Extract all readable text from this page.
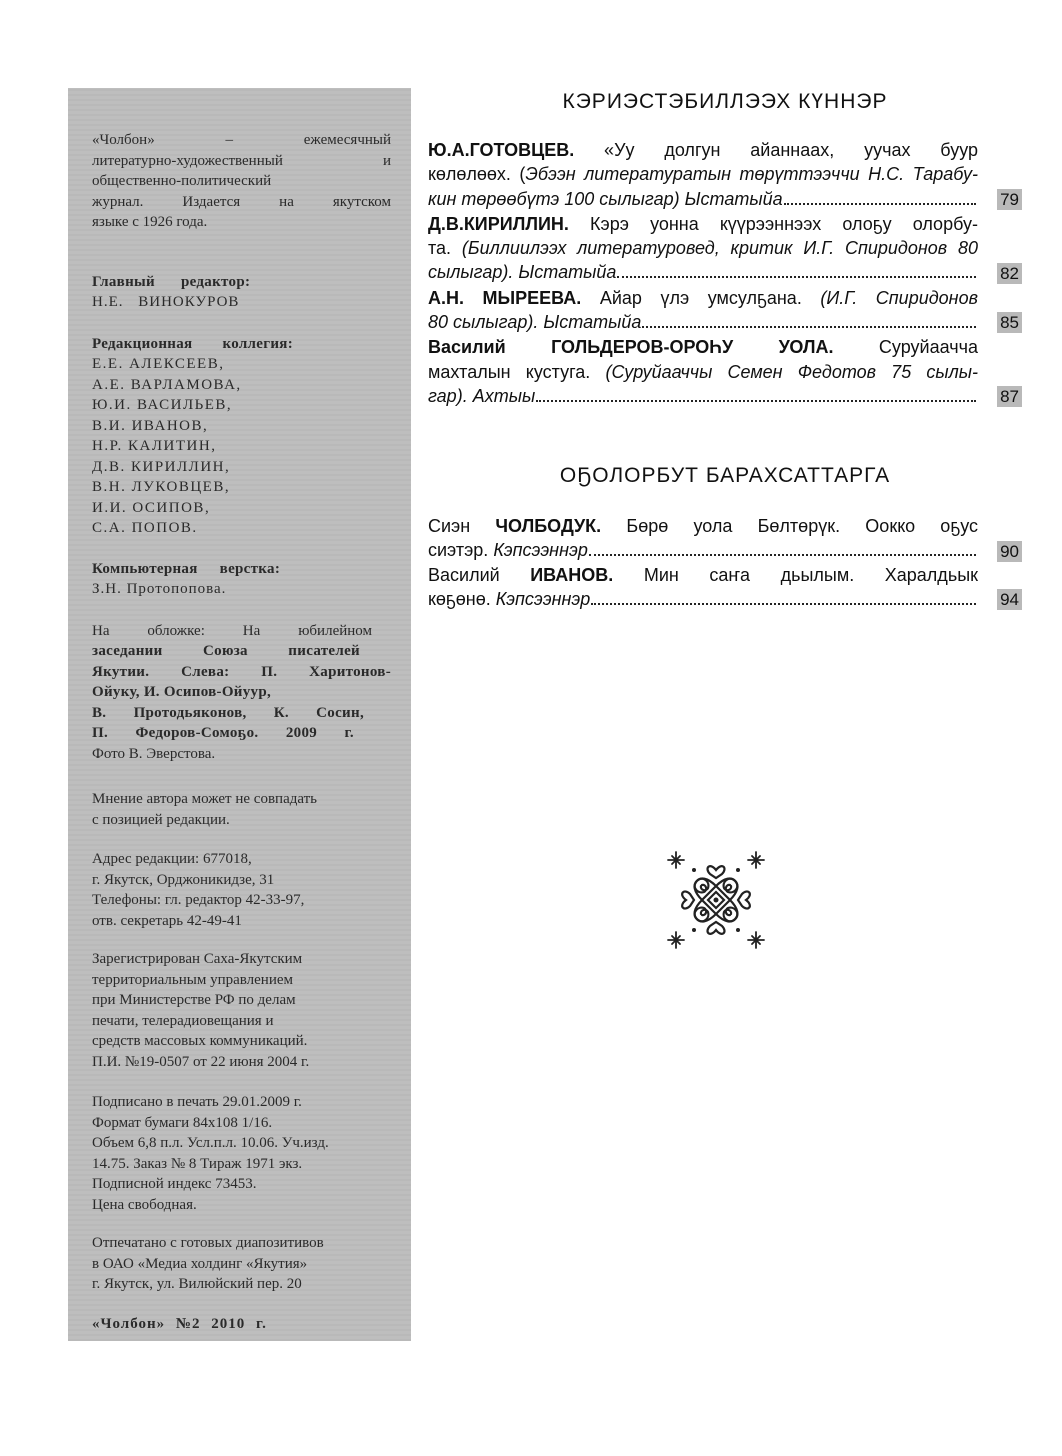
«Чолбон» – ежемесячный
литературно-художественный и
общественно-политический
журнал. Издается на якутском
языке с 1926 года.

Главный редактор:
Н.Е. ВИНОКУРОВ

Редакционная коллегия:
Е.Е. АЛЕКСЕЕВ,
А.Е. ВАРЛАМОВА,
Ю.И. ВАСИЛЬЕВ,
В.И. ИВАНОВ,
Н.Р. КАЛИТИН,
Д.В. КИРИЛЛИН,
В.Н. ЛУКОВЦЕВ,
И.И. ОСИПОВ,
С.А. ПОПОВ.

Компьютерная верстка:
З.Н. Протопопова.

На обложке: На юбилейном
заседании Союза писателей
Якутии. Слева: П. Харитонов-
Ойуку, И. Осипов-Ойуур,
В. Протодьяконов, К. Сосин,
П. Федоров-Сомоҕо. 2009 г.
Фото В. Эверстова.

Мнение автора может не совпадать
с позицией редакции.

Адрес редакции: 677018,
г. Якутск, Орджоникидзе, 31
Телефоны: гл. редактор 42-33-97,
отв. секретарь 42-49-41

Зарегистрирован Саха-Якутским
территориальным управлением
при Министерстве РФ по делам
печати, телерадиовещания и
средств массовых коммуникаций.
П.И. №19-0507 от 22 июня 2004 г.

Подписано в печать 29.01.2009 г.
Формат бумаги 84х108 1/16.
Объем 6,8 п.л. Усл.п.л. 10.06. Уч.изд.
14.75. Заказ № 8 Тираж 1971 экз.
Подписной индекс 73453.
Цена свободная.

Отпечатано с готовых диапозитивов
в ОАО «Медиа холдинг «Якутия»
г. Якутск, ул. Вилюйский пер. 20

«Чолбон» №2 2010 г.

КЭРИЭСТЭБИЛЛЭЭХ КҮННЭР
Ю.А.ГОТОВЦЕВ. «Уу долгун айаннаах, уучах буур
көлөлөөх. (Эбээн литературатын төрүттээччи Н.С. Тарабу-
кин төрөөбүтэ 100 сылыгар) Ыстатыйа	79
Д.В.КИРИЛЛИН. Кэрэ уонна күүрээннээх олоҕу олорбу-
та. (Биллиилээх литературовед, критик И.Г. Спиридонов 80
сылыгар). Ыстатыйа	82
А.Н. МЫРЕЕВА. Айар үлэ умсулҕана. (И.Г. Спиридонов
80 сылыгар). Ыстатыйа	85
Василий ГОЛЬДЕРОВ-ОРОҺУ УОЛА. Суруйаачча
махталын кустуга. (Суруйааччы Семен Федотов 75 сылы-
гар). Ахтыы	87
ОҔОЛОРБУТ БАРАХСАТТАРГА
Сиэн ЧОЛБОДУК. Бөрө уола Бөлтөрүк. Ооккo оҕус
сиэтэр.
Кэпсээннэр	90
Василий ИВАНОВ. Мин саҥа дьылым. Харалдьык
көҕөнө.
Кэпсээннэр	94
